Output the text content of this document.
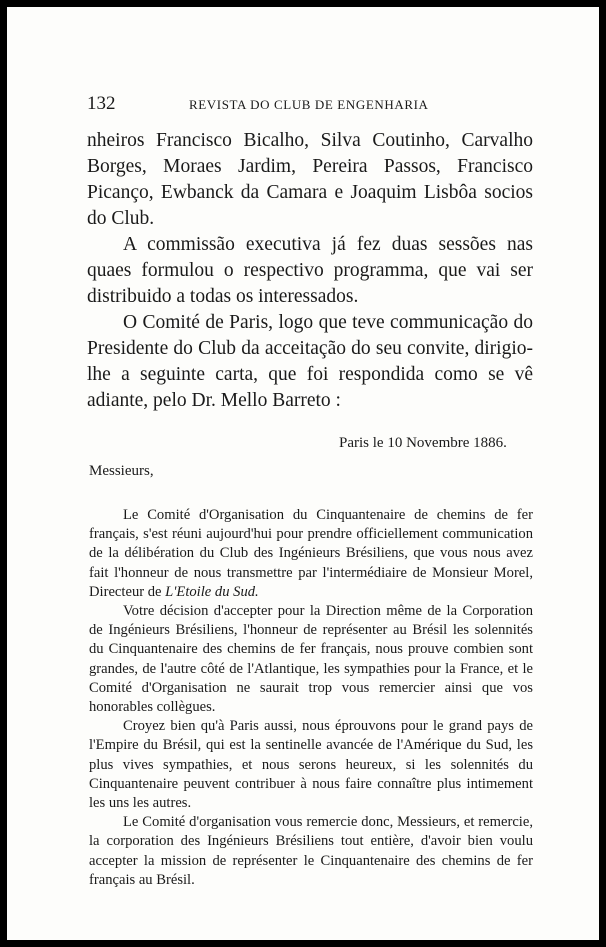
132	REVISTA DO CLUB DE ENGENHARIA

nheiros Francisco Bicalho, Silva Coutinho, Carvalho Borges, Moraes Jardim, Pereira Passos, Francisco Picanço, Ewbanck da Camara e Joaquim Lisbôa socios do Club.

A commissão executiva já fez duas sessões nas quaes formulou o respectivo programma, que vai ser distribuido a todas os interessados.

O Comité de Paris, logo que teve communicação do Presidente do Club da acceitação do seu convite, dirigio-lhe a seguinte carta, que foi respondida como se vê adiante, pelo Dr. Mello Barreto :

Paris le 10 Novembre 1886.
Messieurs,

Le Comité d'Organisation du Cinquantenaire de chemins de fer français, s'est réuni aujourd'hui pour prendre officiellement communication de la délibération du Club des Ingénieurs Brésiliens, que vous nous avez fait l'honneur de nous transmettre par l'intermédiaire de Monsieur Morel, Directeur de L'Etoile du Sud.

Votre décision d'accepter pour la Direction même de la Corporation de Ingénieurs Brésiliens, l'honneur de représenter au Brésil les solennités du Cinquantenaire des chemins de fer français, nous prouve combien sont grandes, de l'autre côté de l'Atlantique, les sympathies pour la France, et le Comité d'Organisation ne saurait trop vous remercier ainsi que vos honorables collègues.

Croyez bien qu'à Paris aussi, nous éprouvons pour le grand pays de l'Empire du Brésil, qui est la sentinelle avancée de l'Amérique du Sud, les plus vives sympathies, et nous serons heureux, si les solennités du Cinquantenaire peuvent contribuer à nous faire connaître plus intimement les uns les autres.

Le Comité d'organisation vous remercie donc, Messieurs, et remercie, la corporation des Ingénieurs Brésiliens tout entière, d'avoir bien voulu accepter la mission de représenter le Cinquantenaire des chemins de fer français au Brésil.
